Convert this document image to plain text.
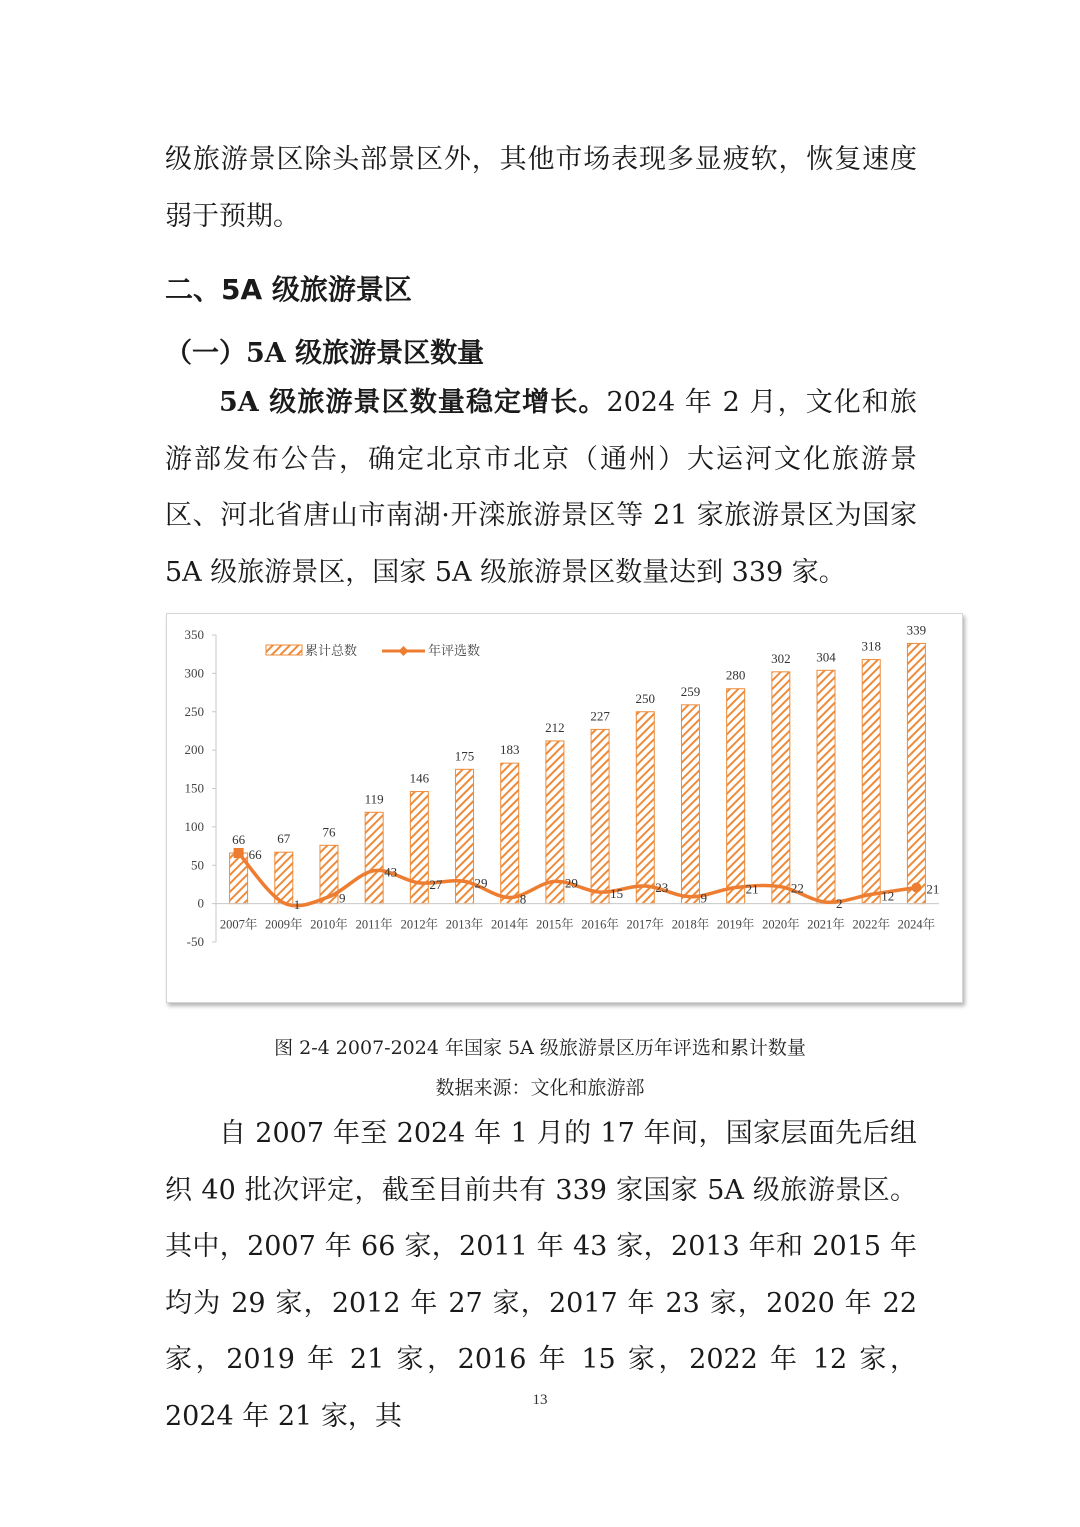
级旅游景区除头部景区外，其他市场表现多显疲软，恢复速度弱于预期。

二、5A 级旅游景区
（一）5A 级旅游景区数量

5A 级旅游景区数量稳定增长。2024 年 2 月，文化和旅游部发布公告，确定北京市北京（通州）大运河文化旅游景区、河北省唐山市南湖·开滦旅游景区等 21 家旅游景区为国家 5A 级旅游景区，国家 5A 级旅游景区数量达到 339 家。

-50
0
50
100
150
200
250
300
350
66 67 76
119
146
175 183
212
227
250 259
280
302 304
318
339
2007年 2009年 2010年 2011年 2012年 2013年 2014年 2015年 2016年 2017年 2018年 2019年 2020年 2021年 2022年 2024年
66
1	9
43
27 29
8
29
15 23
9
21 22
2
12 21
累计总数	年评选数

图 2-4 2007-2024 年国家 5A 级旅游景区历年评选和累计数量

数据来源：文化和旅游部

自 2007 年至 2024 年 1 月的 17 年间，国家层面先后组织 40 批次评定，截至目前共有 339 家国家 5A 级旅游景区。其中，2007 年 66 家，2011 年 43 家，2013 年和 2015 年均为 29 家，2012 年 27 家，2017 年 23 家，2020 年 22 家，2019 年 21 家，2016 年 15 家，2022 年 12 家，2024 年 21 家，其

13
